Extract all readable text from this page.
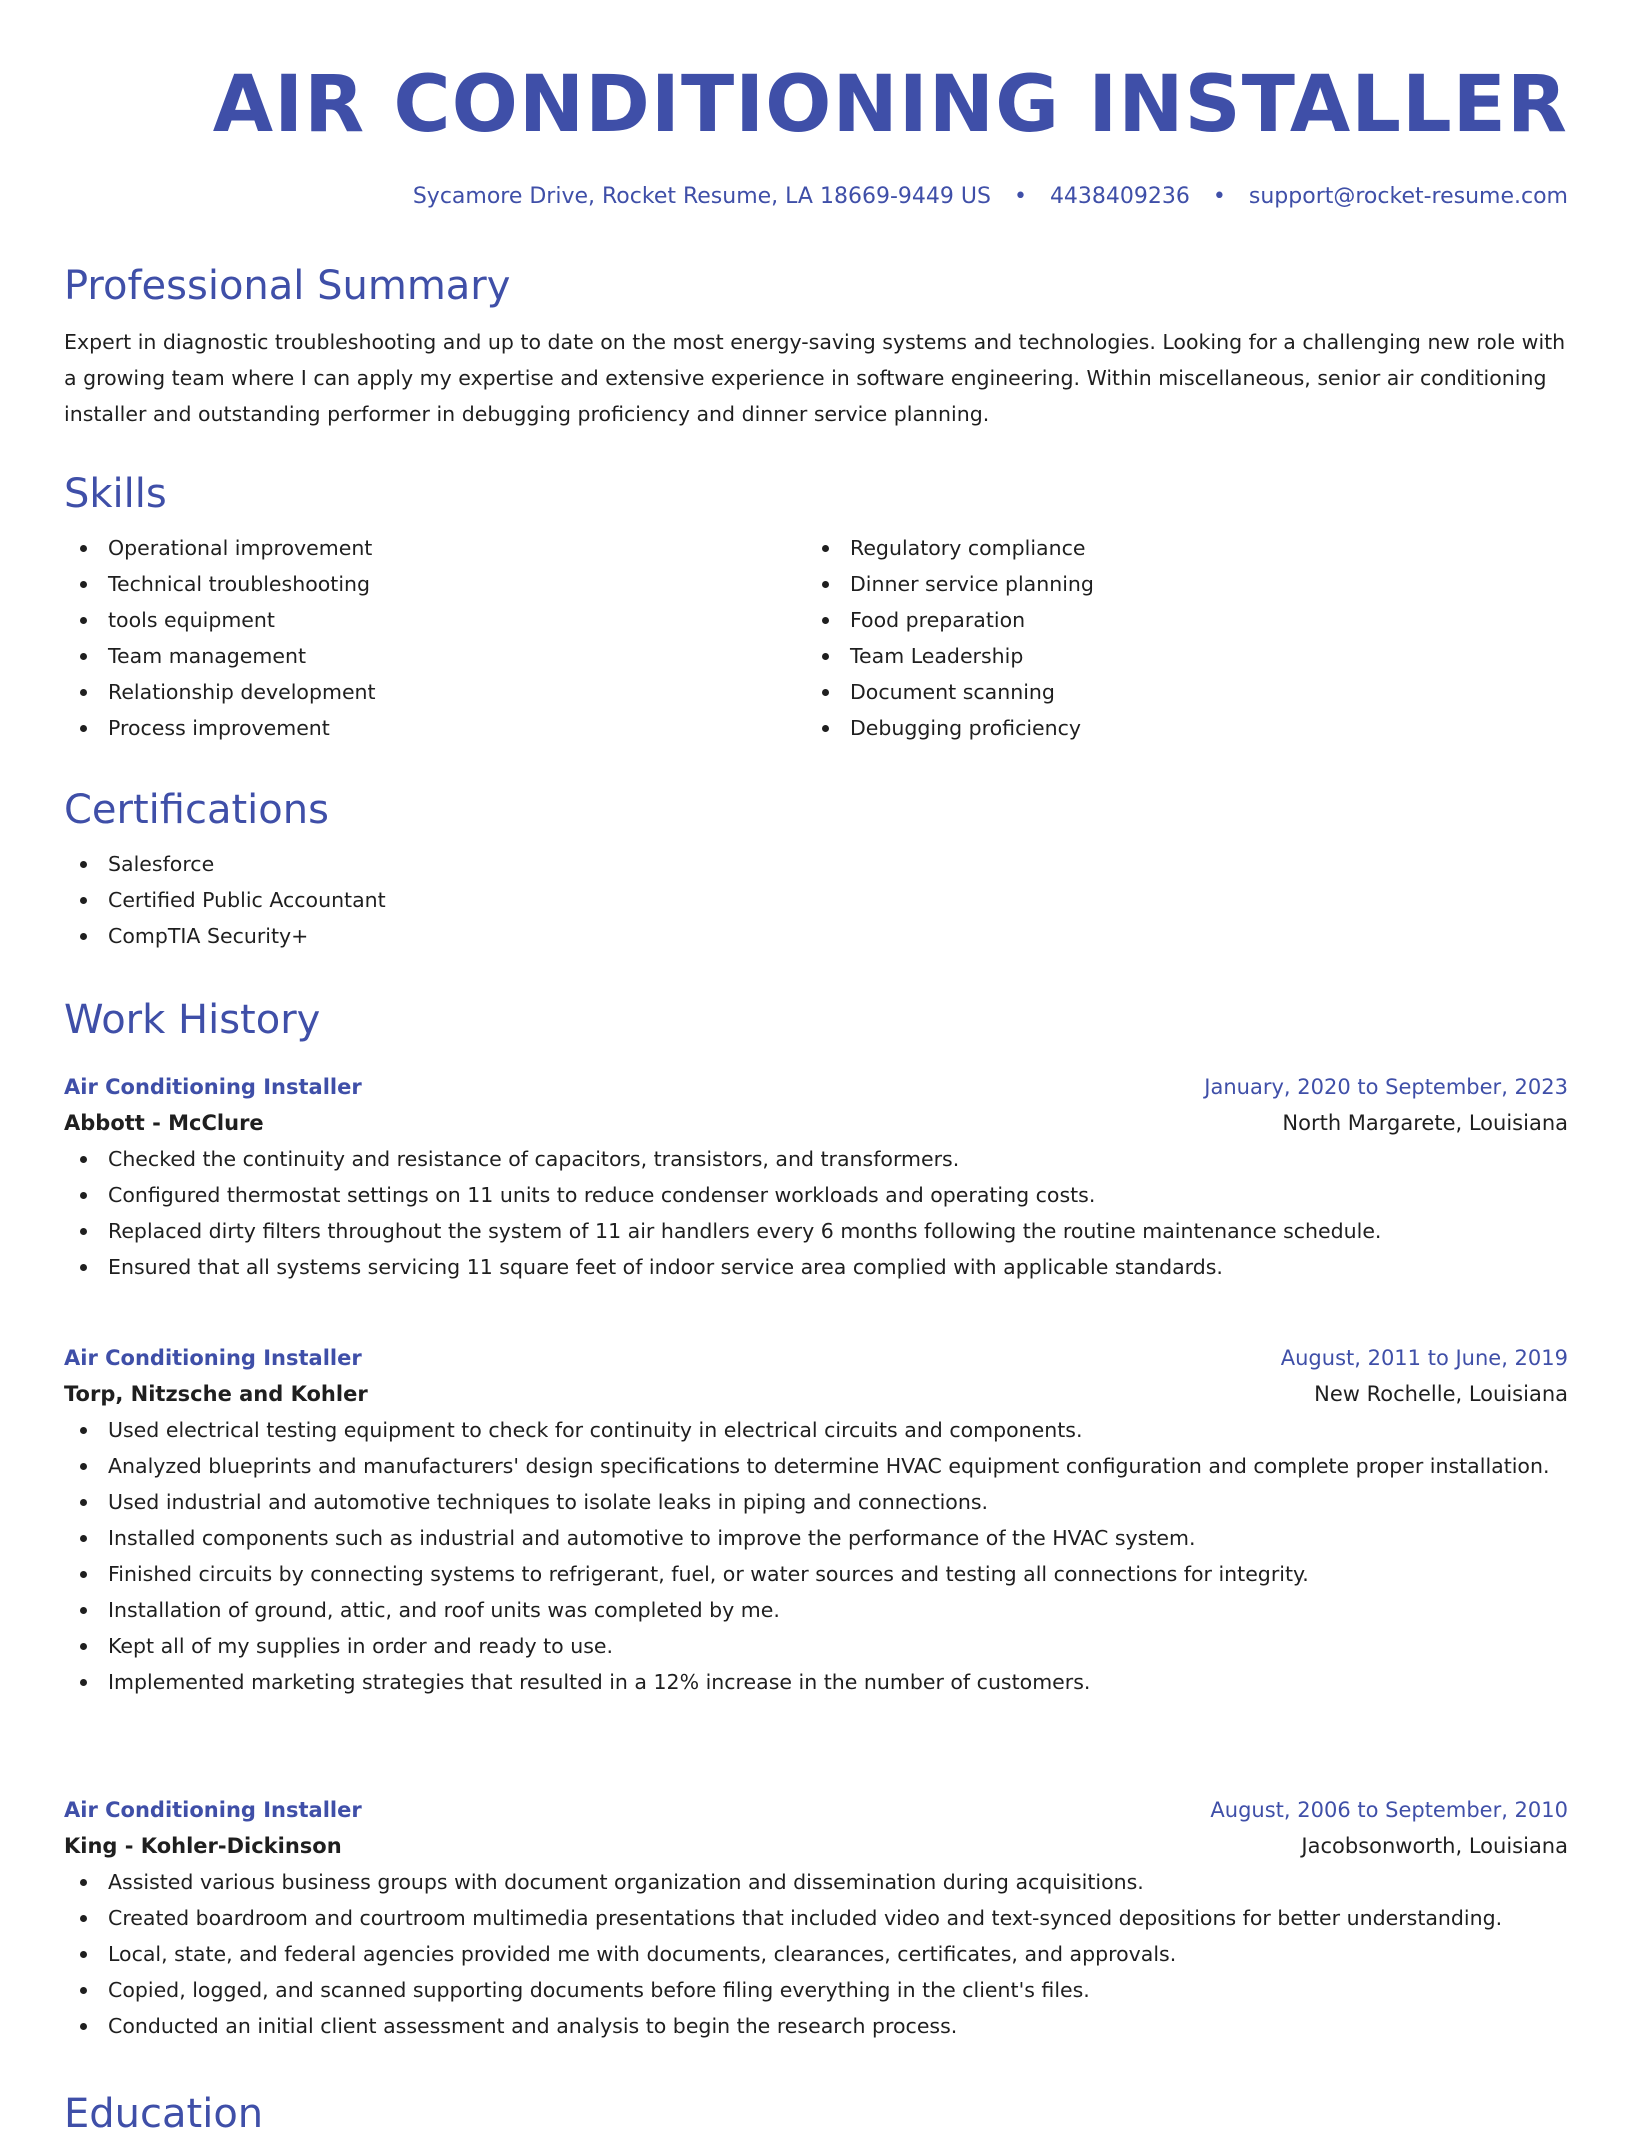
AIR CONDITIONING INSTALLER
Sycamore Drive, Rocket Resume, LA 18669-9449 US • 4438409236 • support@rocket-resume.com
Professional Summary

Expert in diagnostic troubleshooting and up to date on the most energy-saving systems and technologies. Looking for a challenging new role with a growing team where I can apply my expertise and extensive experience in software engineering. Within miscellaneous, senior air conditioning installer and outstanding performer in debugging proficiency and dinner service planning.

Skills
Operational improvement
Technical troubleshooting
tools equipment
Team management
Relationship development
Process improvement
Regulatory compliance
Dinner service planning
Food preparation
Team Leadership
Document scanning
Debugging proficiency
Certifications
Salesforce
Certified Public Accountant
CompTIA Security+
Work History
Air Conditioning Installer	January, 2020 to September, 2023
Abbott - McClure	North Margarete, Louisiana
Checked the continuity and resistance of capacitors, transistors, and transformers.
Configured thermostat settings on 11 units to reduce condenser workloads and operating costs.
Replaced dirty filters throughout the system of 11 air handlers every 6 months following the routine maintenance schedule.
Ensured that all systems servicing 11 square feet of indoor service area complied with applicable standards.
Air Conditioning Installer	August, 2011 to June, 2019
Torp, Nitzsche and Kohler	New Rochelle, Louisiana
Used electrical testing equipment to check for continuity in electrical circuits and components.
Analyzed blueprints and manufacturers' design specifications to determine HVAC equipment configuration and complete proper installation.
Used industrial and automotive techniques to isolate leaks in piping and connections.
Installed components such as industrial and automotive to improve the performance of the HVAC system.
Finished circuits by connecting systems to refrigerant, fuel, or water sources and testing all connections for integrity.
Installation of ground, attic, and roof units was completed by me.
Kept all of my supplies in order and ready to use.
Implemented marketing strategies that resulted in a 12% increase in the number of customers.
Air Conditioning Installer	August, 2006 to September, 2010
King - Kohler-Dickinson	Jacobsonworth, Louisiana
Assisted various business groups with document organization and dissemination during acquisitions.
Created boardroom and courtroom multimedia presentations that included video and text-synced depositions for better understanding.
Local, state, and federal agencies provided me with documents, clearances, certificates, and approvals.
Copied, logged, and scanned supporting documents before filing everything in the client's files.
Conducted an initial client assessment and analysis to begin the research process.
Education
